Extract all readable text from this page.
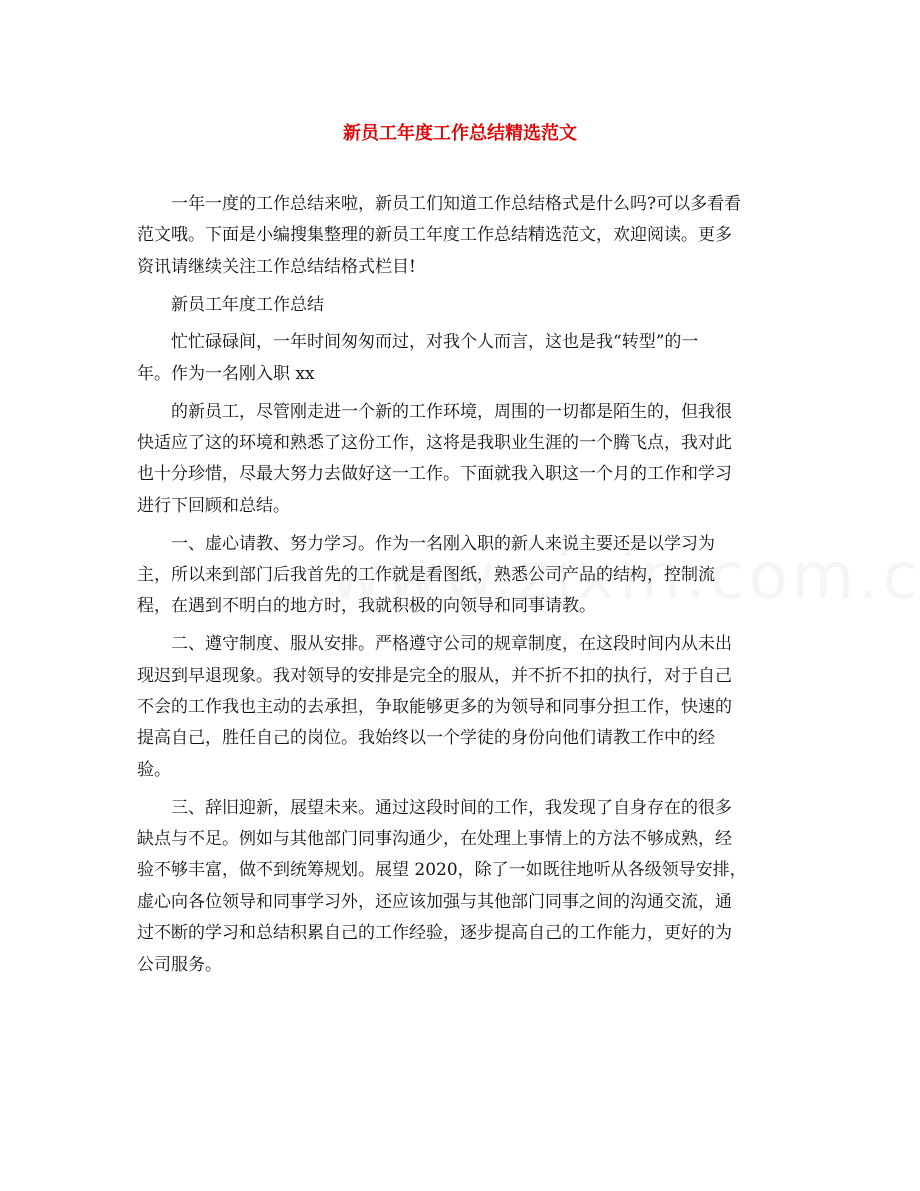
新员工年度工作总结精选范文

一年一度的工作总结来啦，新员工们知道工作总结格式是什么吗?可以多看看
范文哦。下面是小编搜集整理的新员工年度工作总结精选范文，欢迎阅读。更多
资讯请继续关注工作总结结格式栏目!

新员工年度工作总结

忙忙碌碌间，一年时间匆匆而过，对我个人而言，这也是我“转型”的一
年。作为一名刚入职 xx

的新员工，尽管刚走进一个新的工作环境，周围的一切都是陌生的，但我很
快适应了这的环境和熟悉了这份工作，这将是我职业生涯的一个腾飞点，我对此
也十分珍惜，尽最大努力去做好这一工作。下面就我入职这一个月的工作和学习
进行下回顾和总结。

一、虚心请教、努力学习。作为一名刚入职的新人来说主要还是以学习为
主，所以来到部门后我首先的工作就是看图纸，熟悉公司产品的结构，控制流
程，在遇到不明白的地方时，我就积极的向领导和同事请教。

二、遵守制度、服从安排。严格遵守公司的规章制度，在这段时间内从未出
现迟到早退现象。我对领导的安排是完全的服从，并不折不扣的执行，对于自己
不会的工作我也主动的去承担，争取能够更多的为领导和同事分担工作，快速的
提高自己，胜任自己的岗位。我始终以一个学徒的身份向他们请教工作中的经
验。

三、辞旧迎新，展望未来。通过这段时间的工作，我发现了自身存在的很多
缺点与不足。例如与其他部门同事沟通少，在处理上事情上的方法不够成熟，经
验不够丰富，做不到统筹规划。展望 2020，除了一如既往地听从各级领导安排，
虚心向各位领导和同事学习外，还应该加强与其他部门同事之间的沟通交流，通
过不断的学习和总结积累自己的工作经验，逐步提高自己的工作能力，更好的为
公司服务。
